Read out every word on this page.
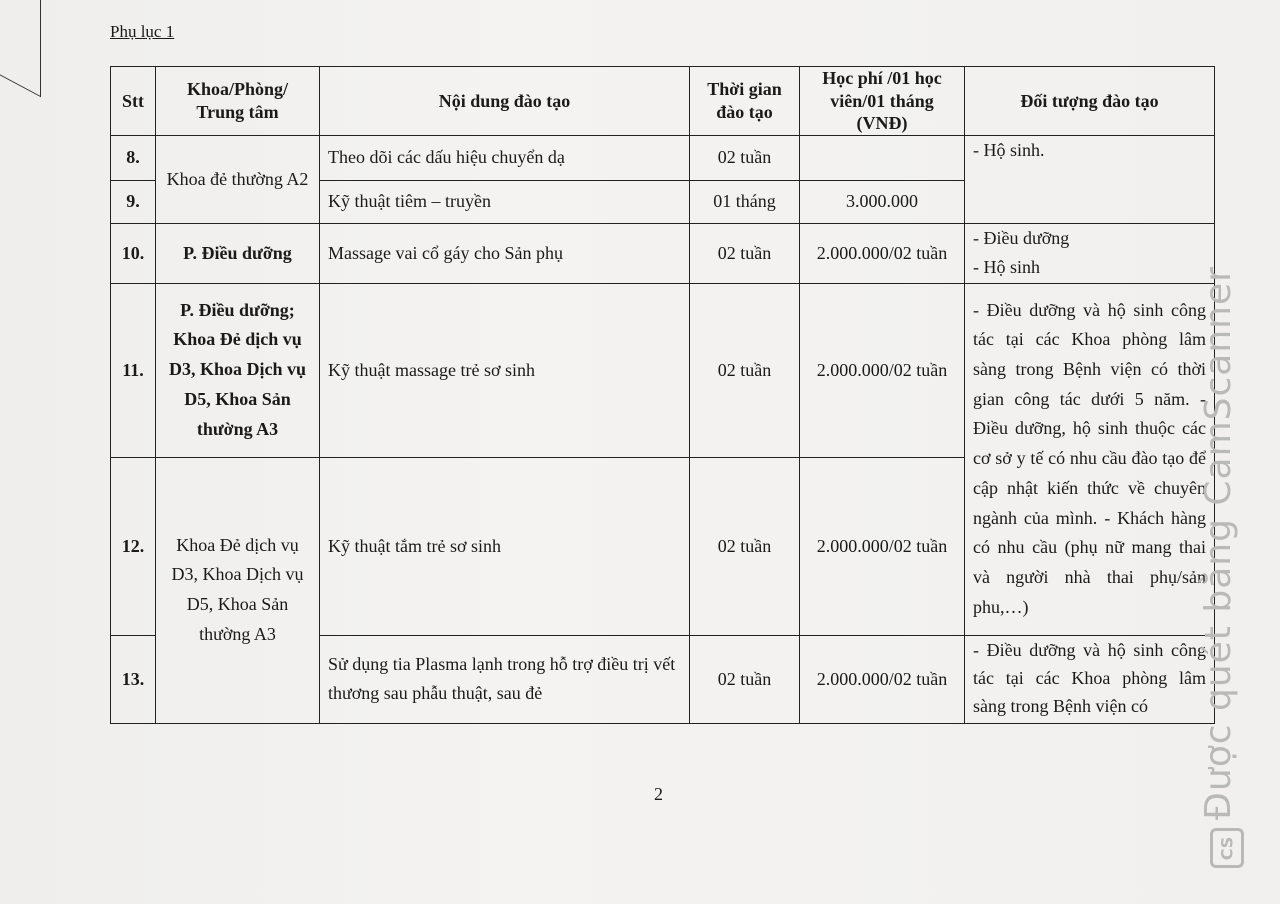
Phụ lục 1
Stt	Khoa/Phòng/ Trung tâm	Nội dung đào tạo	Thời gian đào tạo	Học phí /01 học viên/01 tháng (VNĐ)	Đối tượng đào tạo
8.	Khoa đẻ thường A2	Theo dõi các dấu hiệu chuyển dạ	02 tuần		- Hộ sinh.
9.		Kỹ thuật tiêm – truyền	01 tháng	3.000.000	
10.	P. Điều dưỡng	Massage vai cổ gáy cho Sản phụ	02 tuần	2.000.000/02 tuần	- Điều dưỡng
- Hộ sinh

11.	P. Điều dưỡng; Khoa Đẻ dịch vụ D3, Khoa Dịch vụ D5, Khoa Sản thường A3	Kỹ thuật massage trẻ sơ sinh	02 tuần	2.000.000/02 tuần	- Điều dưỡng và hộ sinh công tác tại các Khoa phòng lâm sàng trong Bệnh viện có thời gian công tác dưới 5 năm. - Điều dưỡng, hộ sinh thuộc các cơ sở y tế có nhu cầu đào tạo để cập nhật kiến thức về chuyên ngành của mình. - Khách hàng có nhu cầu (phụ nữ mang thai và người nhà thai phụ/sản phu,…)
12.	Khoa Đẻ dịch vụ D3, Khoa Dịch vụ D5, Khoa Sản thường A3	Kỹ thuật tắm trẻ sơ sinh	02 tuần	2.000.000/02 tuần	
13.		Sử dụng tia Plasma lạnh trong hỗ trợ điều trị vết thương sau phẫu thuật, sau đẻ	02 tuần	2.000.000/02 tuần	- Điều dưỡng và hộ sinh công tác tại các Khoa phòng lâm sàng trong Bệnh viện có
2	Được quét bằng CamScanner
CS
